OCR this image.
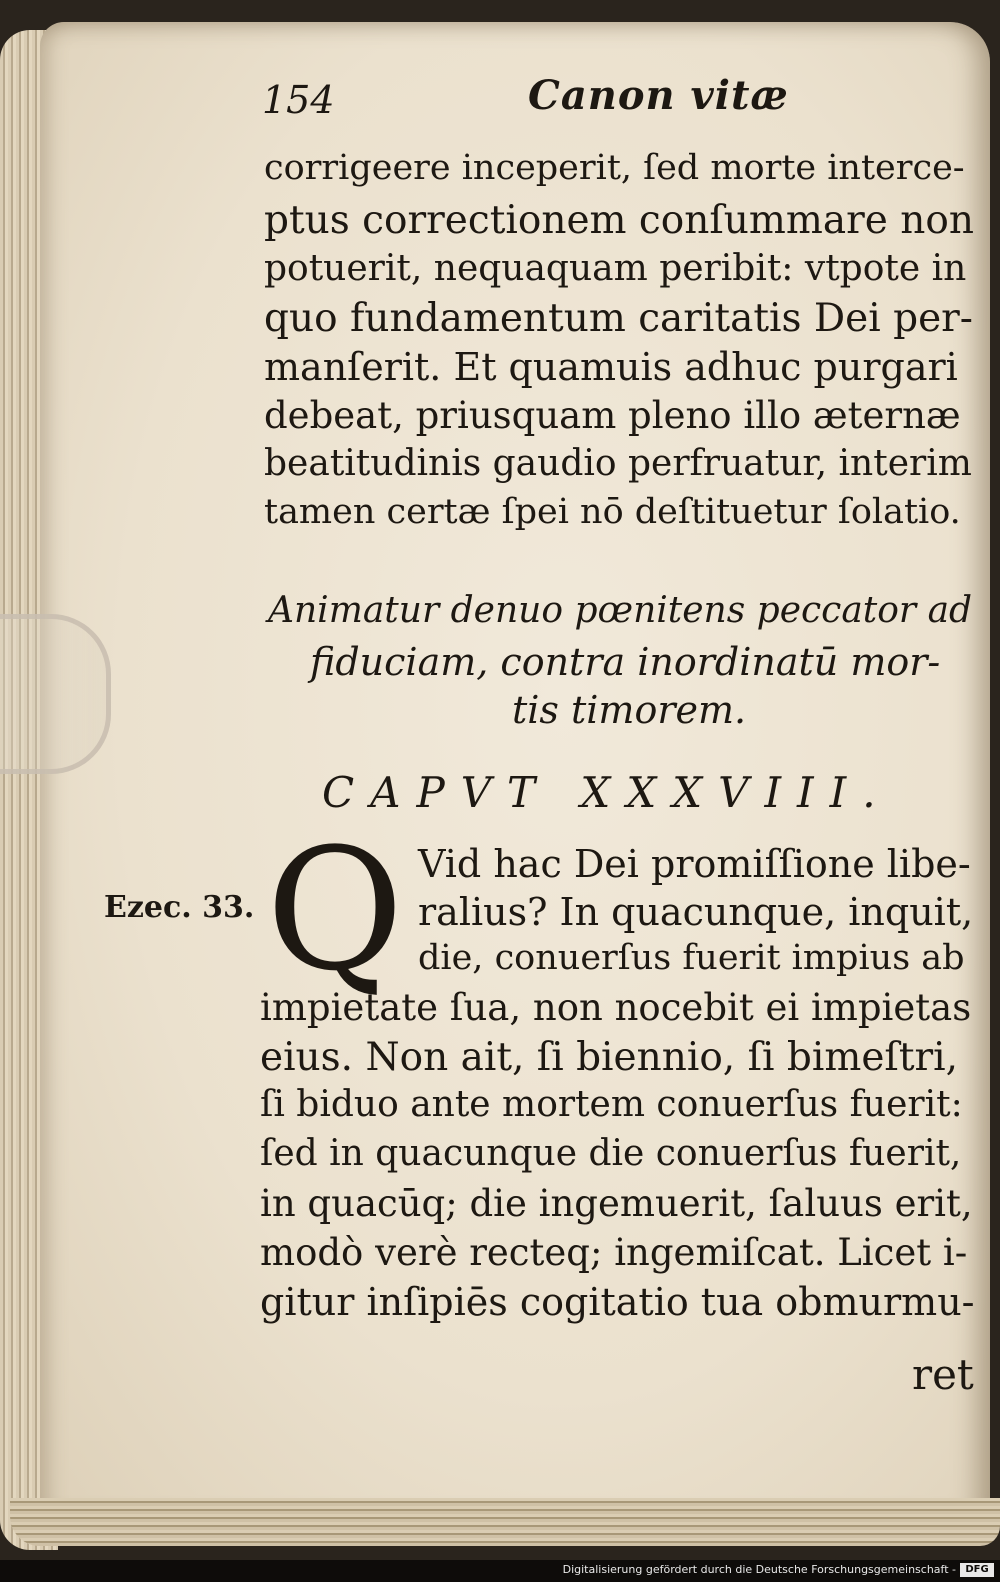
154	Canon vitæ
corrigeere inceperit, ſed morte interce-
ptus correctionem conſummare non
potuerit, nequaquam peribit: vtpote in
quo fundamentum caritatis Dei per-
manſerit. Et quamuis adhuc purgari
debeat, priusquam pleno illo æternæ
beatitudinis gaudio perfruatur, interim
tamen certæ ſpei nō deſtituetur ſolatio.
Animatur denuo pœnitens peccator ad
fiduciam, contra inordinatū mor-
tis timorem.
CAPVT XXXVIII.
Ezec. 33. Q Vid hac Dei promiſſione libe-
ralius? In quacunque, inquit,
die, conuerſus fuerit impius ab
impietate ſua, non nocebit ei impietas
eius. Non ait, ſi biennio, ſi bimeſtri,
ſi biduo ante mortem conuerſus fuerit:
ſed in quacunque die conuerſus fuerit,
in quacūq; die ingemuerit, ſaluus erit,
modò verè recteq; ingemiſcat. Licet i-
gitur inſipiēs cogitatio tua obmurmu-
ret
Digitalisierung gefördert durch die Deutsche Forschungsgemeinschaft - DFG
